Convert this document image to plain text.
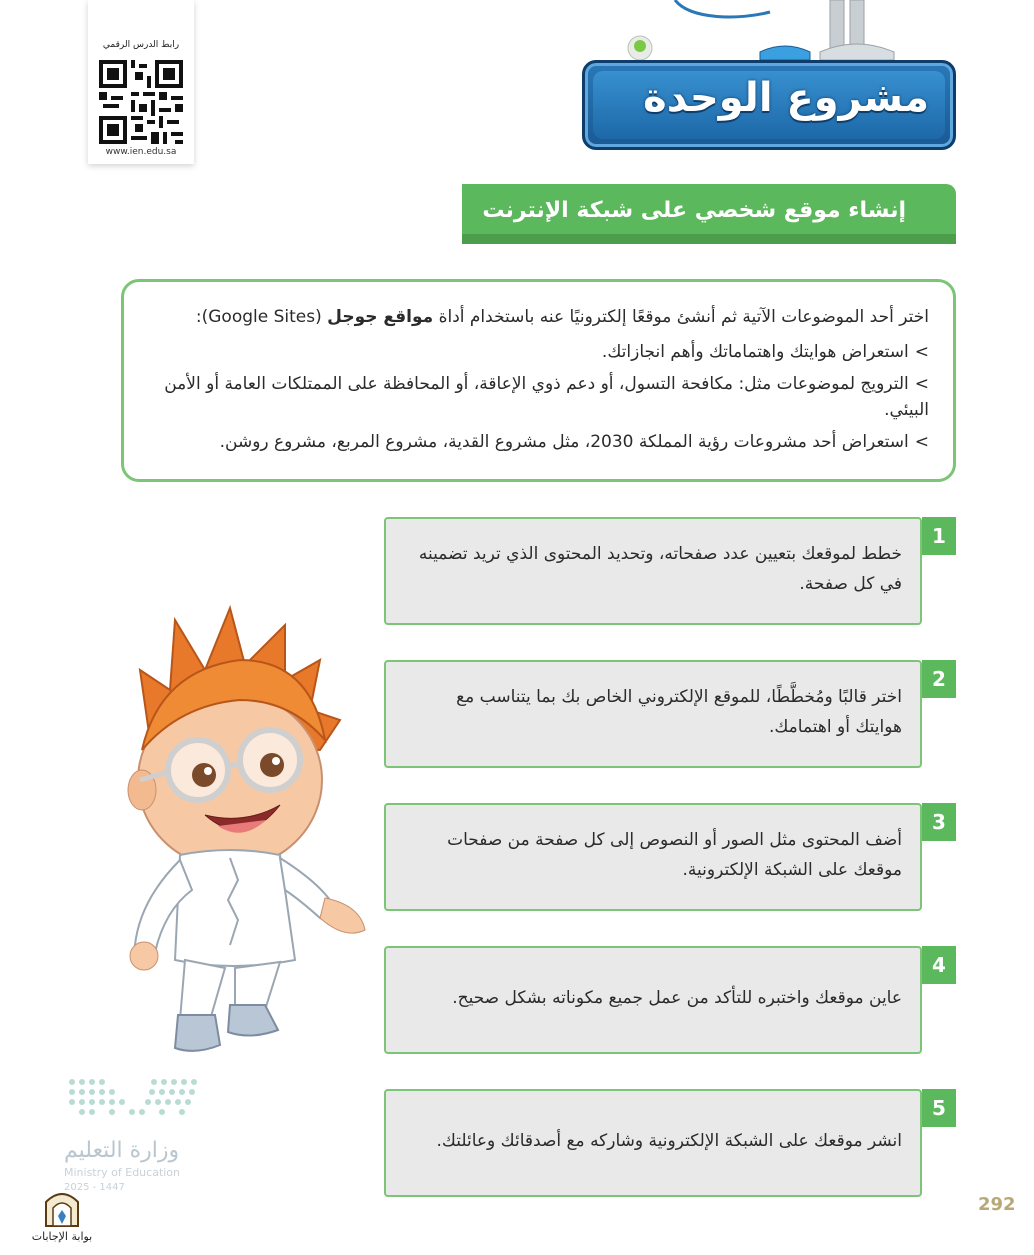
رابط الدرس الرقمي
www.ien.edu.sa
مشروع الوحدة
إنشاء موقع شخصي على شبكة الإنترنت

اختر أحد الموضوعات الآتية ثم أنشئ موقعًا إلكترونيًا عنه باستخدام أداة مواقع جوجل (Google Sites):

>استعراض هوايتك واهتماماتك وأهم انجازاتك.
>الترويج لموضوعات مثل: مكافحة التسول، أو دعم ذوي الإعاقة، أو المحافظة على الممتلكات العامة أو الأمن البيئي.
>استعراض أحد مشروعات رؤية المملكة 2030، مثل مشروع القدية، مشروع المربع، مشروع روشن.
1
خطط لموقعك بتعيين عدد صفحاته، وتحديد المحتوى الذي تريد تضمينه في كل صفحة.
2
اختر قالبًا ومُخطَّطًا، للموقع الإلكتروني الخاص بك بما يتناسب مع هوايتك أو اهتمامك.
3
أضف المحتوى مثل الصور أو النصوص إلى كل صفحة من صفحات موقعك على الشبكة الإلكترونية.
4
عاين موقعك واختبره للتأكد من عمل جميع مكوناته بشكل صحيح.
5
انشر موقعك على الشبكة الإلكترونية وشاركه مع أصدقائك وعائلتك.
وزارة التعليم
Ministry of Education
2025 - 1447
بوابة الإجابات
292
